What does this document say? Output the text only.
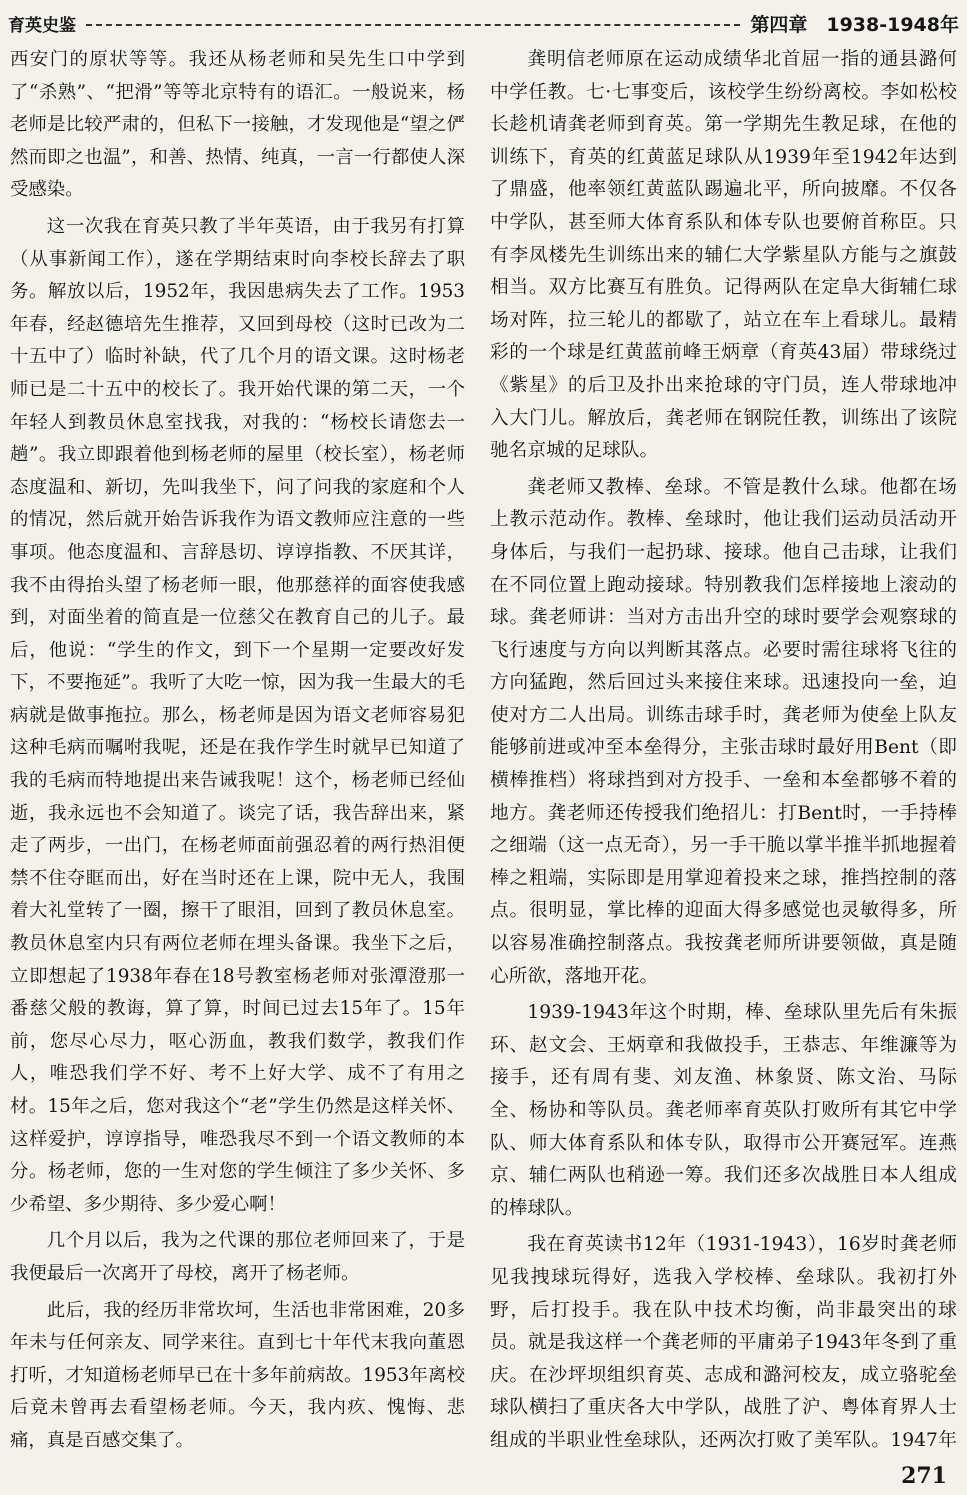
育英史鉴	第四章　1938-1948年

西安门的原状等等。我还从杨老师和吴先生口中学到了“杀熟”、“把滑”等等北京特有的语汇。一般说来，杨老师是比较严肃的，但私下一接触，才发现他是“望之俨然而即之也温”，和善、热情、纯真，一言一行都使人深受感染。

这一次我在育英只教了半年英语，由于我另有打算（从事新闻工作），遂在学期结束时向李校长辞去了职务。解放以后，1952年，我因患病失去了工作。1953年春，经赵德培先生推荐，又回到母校（这时已改为二十五中了）临时补缺，代了几个月的语文课。这时杨老师已是二十五中的校长了。我开始代课的第二天，一个年轻人到教员休息室找我，对我的：“杨校长请您去一趟”。我立即跟着他到杨老师的屋里（校长室），杨老师态度温和、新切，先叫我坐下，问了问我的家庭和个人的情况，然后就开始告诉我作为语文教师应注意的一些事项。他态度温和、言辞恳切、谆谆指教、不厌其详，我不由得抬头望了杨老师一眼，他那慈祥的面容使我感到，对面坐着的简直是一位慈父在教育自己的儿子。最后，他说：“学生的作文，到下一个星期一定要改好发下，不要拖延”。我听了大吃一惊，因为我一生最大的毛病就是做事拖拉。那么，杨老师是因为语文老师容易犯这种毛病而嘱咐我呢，还是在我作学生时就早已知道了我的毛病而特地提出来告诫我呢！这个，杨老师已经仙逝，我永远也不会知道了。谈完了话，我告辞出来，紧走了两步，一出门，在杨老师面前强忍着的两行热泪便禁不住夺眶而出，好在当时还在上课，院中无人，我围着大礼堂转了一圈，擦干了眼泪，回到了教员休息室。教员休息室内只有两位老师在埋头备课。我坐下之后，立即想起了1938年春在18号教室杨老师对张潭澄那一番慈父般的教诲，算了算，时间已过去15年了。15年前，您尽心尽力，呕心沥血，教我们数学，教我们作人，唯恐我们学不好、考不上好大学、成不了有用之材。15年之后，您对我这个“老”学生仍然是这样关怀、这样爱护，谆谆指导，唯恐我尽不到一个语文教师的本分。杨老师，您的一生对您的学生倾注了多少关怀、多少希望、多少期待、多少爱心啊！

几个月以后，我为之代课的那位老师回来了，于是我便最后一次离开了母校，离开了杨老师。

此后，我的经历非常坎坷，生活也非常困难，20多年未与任何亲友、同学来往。直到七十年代末我向董恩打听，才知道杨老师早已在十多年前病故。1953年离校后竟未曾再去看望杨老师。今天，我内疚、愧悔、悲痛，真是百感交集了。

龚明信老师原在运动成绩华北首屈一指的通县潞何中学任教。七·七事变后，该校学生纷纷离校。李如松校长趁机请龚老师到育英。第一学期先生教足球，在他的训练下，育英的红黄蓝足球队从1939年至1942年达到了鼎盛，他率领红黄蓝队踢遍北平，所向披靡。不仅各中学队，甚至师大体育系队和体专队也要俯首称臣。只有李凤楼先生训练出来的辅仁大学紫星队方能与之旗鼓相当。双方比赛互有胜负。记得两队在定阜大街辅仁球场对阵，拉三轮儿的都歇了，站立在车上看球儿。最精彩的一个球是红黄蓝前峰王炳章（育英43届）带球绕过《紫星》的后卫及扑出来抢球的守门员，连人带球地冲入大门儿。解放后，龚老师在钢院任教，训练出了该院驰名京城的足球队。

龚老师又教棒、垒球。不管是教什么球。他都在场上教示范动作。教棒、垒球时，他让我们运动员活动开身体后，与我们一起扔球、接球。他自己击球，让我们在不同位置上跑动接球。特别教我们怎样接地上滚动的球。龚老师讲：当对方击出升空的球时要学会观察球的飞行速度与方向以判断其落点。必要时需往球将飞往的方向猛跑，然后回过头来接住来球。迅速投向一垒，迫使对方二人出局。训练击球手时，龚老师为使垒上队友能够前进或冲至本垒得分，主张击球时最好用Bent（即横棒推档）将球挡到对方投手、一垒和本垒都够不着的地方。龚老师还传授我们绝招儿：打Bent时，一手持棒之细端（这一点无奇），另一手干脆以掌半推半抓地握着棒之粗端，实际即是用掌迎着投来之球，推挡控制的落点。很明显，掌比棒的迎面大得多感觉也灵敏得多，所以容易准确控制落点。我按龚老师所讲要领做，真是随心所欲，落地开花。

1939-1943年这个时期，棒、垒球队里先后有朱振环、赵文会、王炳章和我做投手，王恭志、年维濂等为接手，还有周有斐、刘友渔、林象贤、陈文治、马际全、杨协和等队员。龚老师率育英队打败所有其它中学队、师大体育系队和体专队，取得市公开赛冠军。连燕京、辅仁两队也稍逊一筹。我们还多次战胜日本人组成的棒球队。

我在育英读书12年（1931-1943），16岁时龚老师见我拽球玩得好，选我入学校棒、垒球队。我初打外野，后打投手。我在队中技术均衡，尚非最突出的球员。就是我这样一个龚老师的平庸弟子1943年冬到了重庆。在沙坪坝组织育英、志成和潞河校友，成立骆驼垒球队横扫了重庆各大中学队，战胜了沪、粤体育界人士组成的半职业性垒球队，还两次打败了美军队。1947年

271
